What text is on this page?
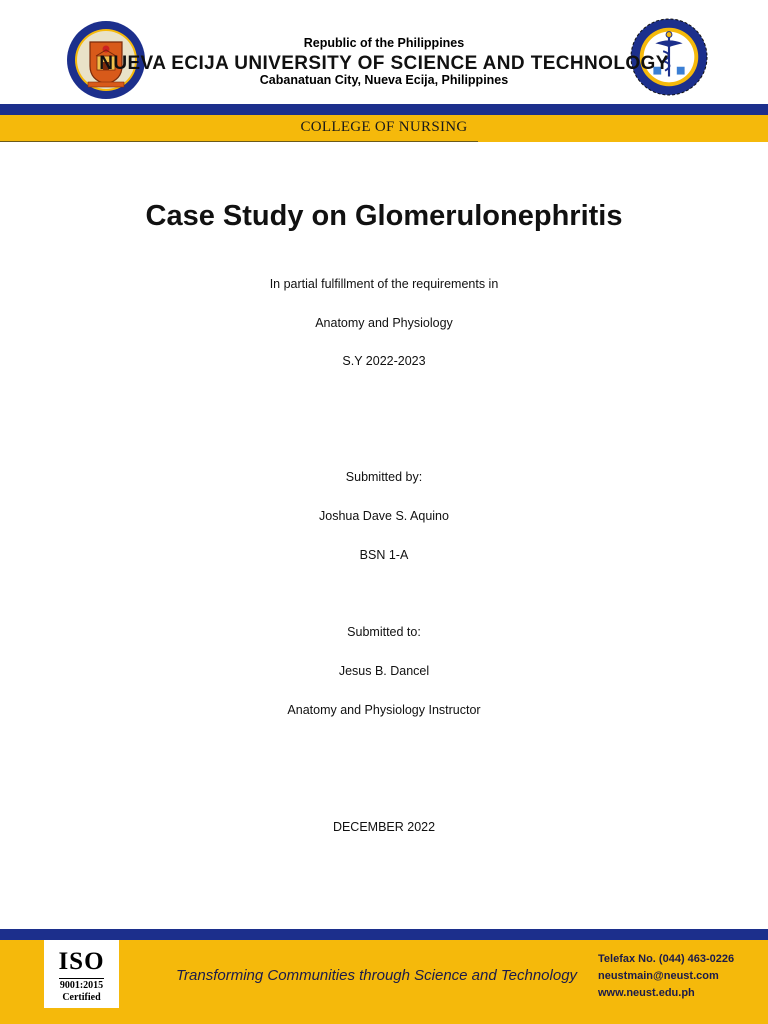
Republic of the Philippines
NUEVA ECIJA UNIVERSITY OF SCIENCE AND TECHNOLOGY
Cabanatuan City, Nueva Ecija, Philippines
COLLEGE OF NURSING
Case Study on Glomerulonephritis
In partial fulfillment of the requirements in
Anatomy and Physiology
S.Y 2022-2023
Submitted by:
Joshua Dave S. Aquino
BSN 1-A
Submitted to:
Jesus B. Dancel
Anatomy and Physiology Instructor
DECEMBER 2022
ISO
9001:2015
Certified
Transforming Communities through Science and Technology
Telefax No. (044) 463-0226
neustmain@neust.com
www.neust.edu.ph
